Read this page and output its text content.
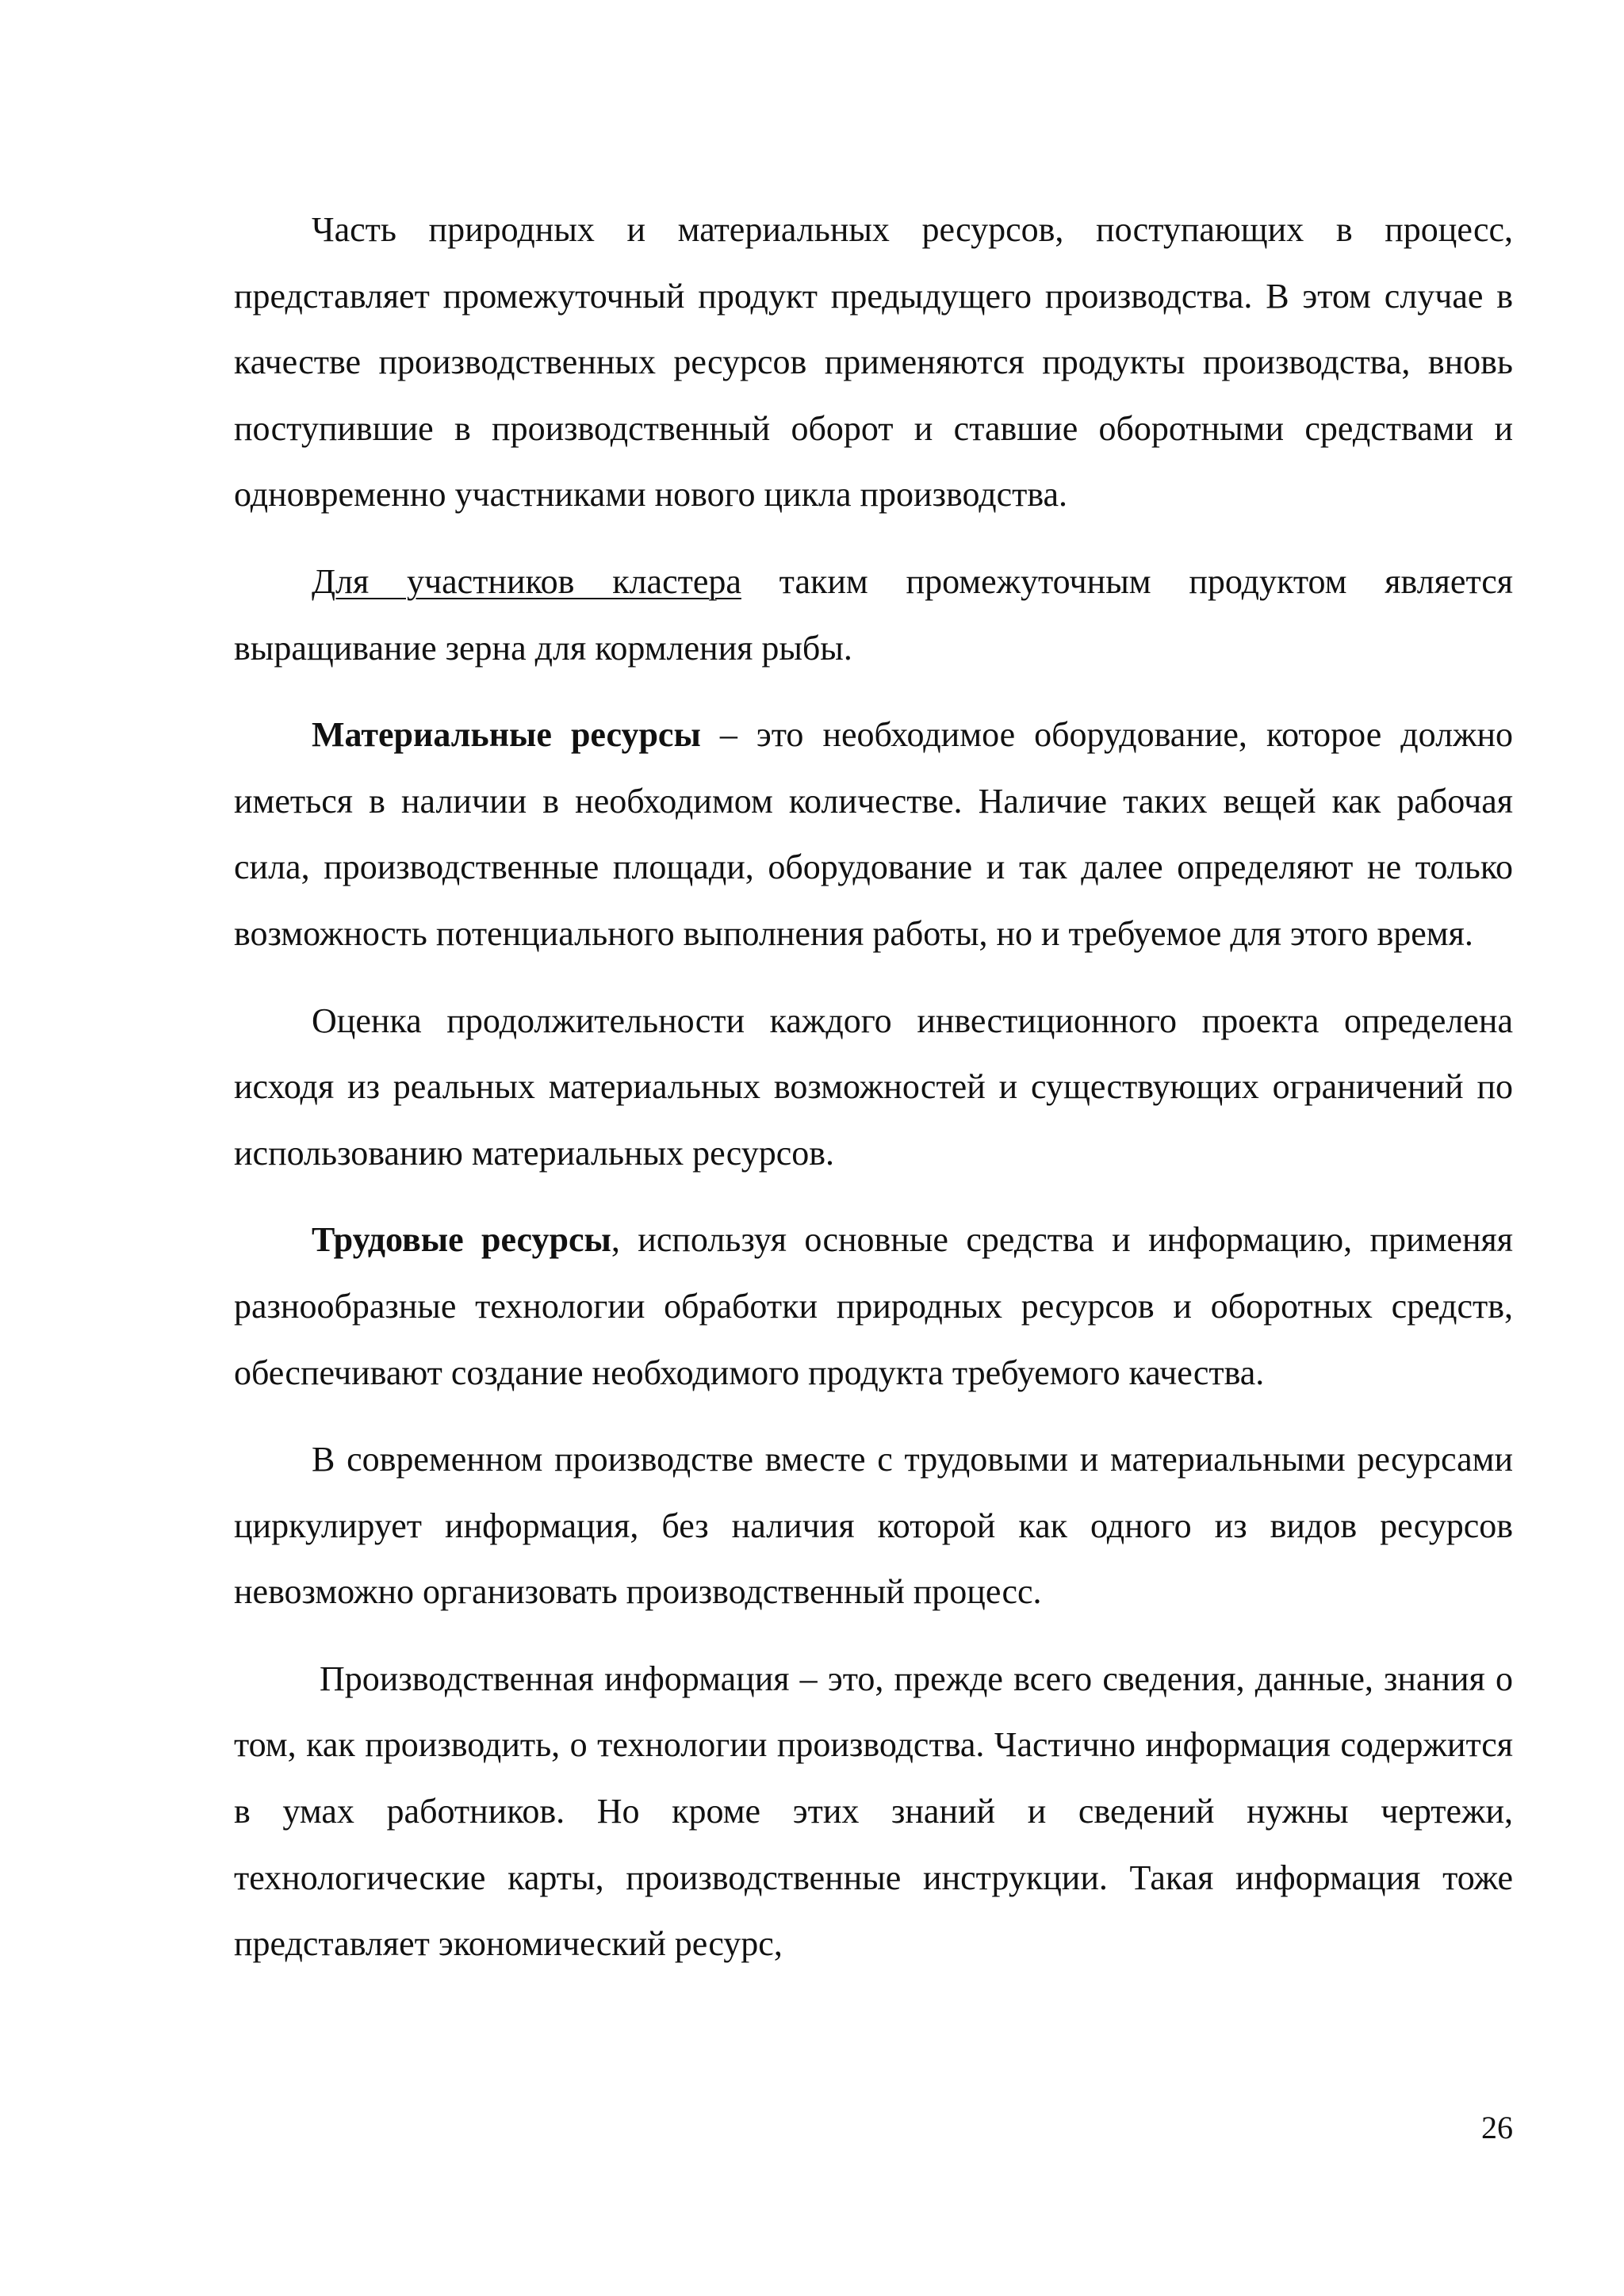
Часть природных и материальных ресурсов, поступающих в процесс, представляет промежуточный продукт предыдущего производства. В этом случае в качестве производственных ресурсов применяются продукты производства, вновь поступившие в производственный оборот и ставшие оборотными средствами и одновременно участниками нового цикла производства.

Для участников кластера таким промежуточным продуктом является выращивание зерна для кормления рыбы.

Материальные ресурсы – это необходимое оборудование, которое должно иметься в наличии в необходимом количестве. Наличие таких вещей как рабочая сила, производственные площади, оборудование и так далее определяют не только возможность потенциального выполнения работы, но и требуемое для этого время.

Оценка продолжительности каждого инвестиционного проекта определена исходя из реальных материальных возможностей и существующих ограничений по использованию материальных ресурсов.

Трудовые ресурсы, используя основные средства и информацию, применяя разнообразные технологии обработки природных ресурсов и оборотных средств, обеспечивают создание необходимого продукта требуемого качества.

В современном производстве вместе с трудовыми и материальными ресурсами циркулирует информация, без наличия которой как одного из видов ресурсов невозможно организовать производственный процесс.

Производственная информация – это, прежде всего сведения, данные, знания о том, как производить, о технологии производства. Частично информация содержится в умах работников. Но кроме этих знаний и сведений нужны чертежи, технологические карты, производственные инструкции. Такая информация тоже представляет экономический ресурс,

26
